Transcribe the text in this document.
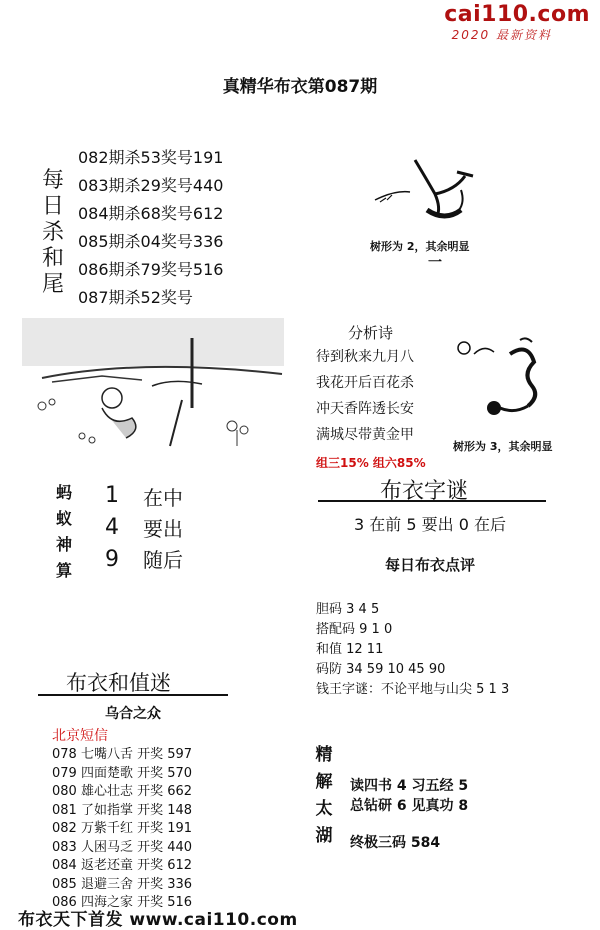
cai110.com
2020 最新资料
真精华布衣第087期
每
日
杀
和
尾
082期杀53奖号191
083期杀29奖号440
084期杀68奖号612
085期杀04奖号336
086期杀79奖号516
087期杀52奖号
树形为 2，其余明显
一
分析诗
待到秋来九月八
我花开后百花杀
冲天香阵透长安
满城尽带黄金甲
组三15% 组六85%
树形为 3，其余明显
蚂
蚁
神
算
1
4
9
在中
要出
随后
布衣字谜
3 在前 5 要出 0 在后
每日布衣点评
胆码 3 4 5
搭配码 9 1 0
和值 12 11
码防 34 59 10 45 90
钱王字谜：不论平地与山尖 5 1 3
布衣和值迷
乌合之众
北京短信
078 七嘴八舌 开奖 597
079 四面楚歌 开奖 570
080 雄心壮志 开奖 662
081 了如指掌 开奖 148
082 万紫千红 开奖 191
083 人困马乏 开奖 440
084 返老还童 开奖 612
085 退避三舍 开奖 336
086 四海之家 开奖 516
精
解
太
湖
读四书 4 习五经 5
总钻研 6 见真功 8
终极三码 584
布衣天下首发 www.cai110.com
